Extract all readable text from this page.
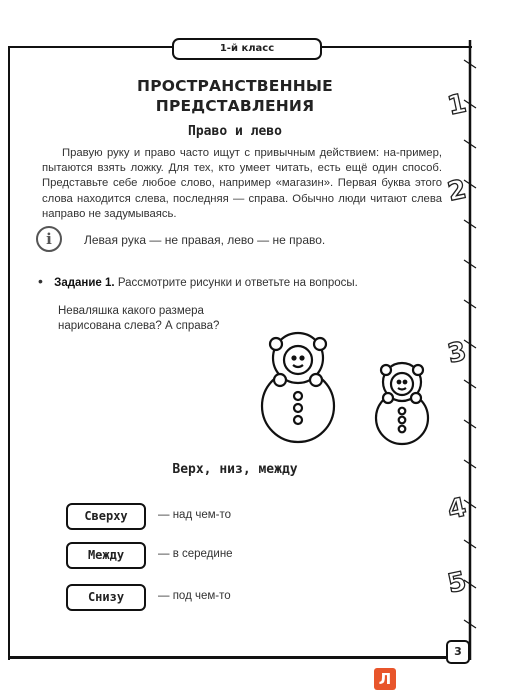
1-й класс
ПРОСТРАНСТВЕННЫЕ
ПРЕДСТАВЛЕНИЯ
Право и лево

Правую руку и право часто ищут с привычным действием: на-пример, пытаются взять ложку. Для тех, кто умеет читать, есть ещё один способ. Представьте себе любое слово, например «магазин». Первая буква этого слова находится слева, последняя — справа. Обычно люди читают слева направо не задумываясь.

i	Левая рука — не правая, лево — не право.
• Задание 1. Рассмотрите рисунки и ответьте на вопросы.
Неваляшка какого размера нарисована слева? А справа?
Верх, низ, между
Сверху	— над чем-то
Между	— в середине
Снизу	— под чем-то
1
2
3
4
5
3
Л
